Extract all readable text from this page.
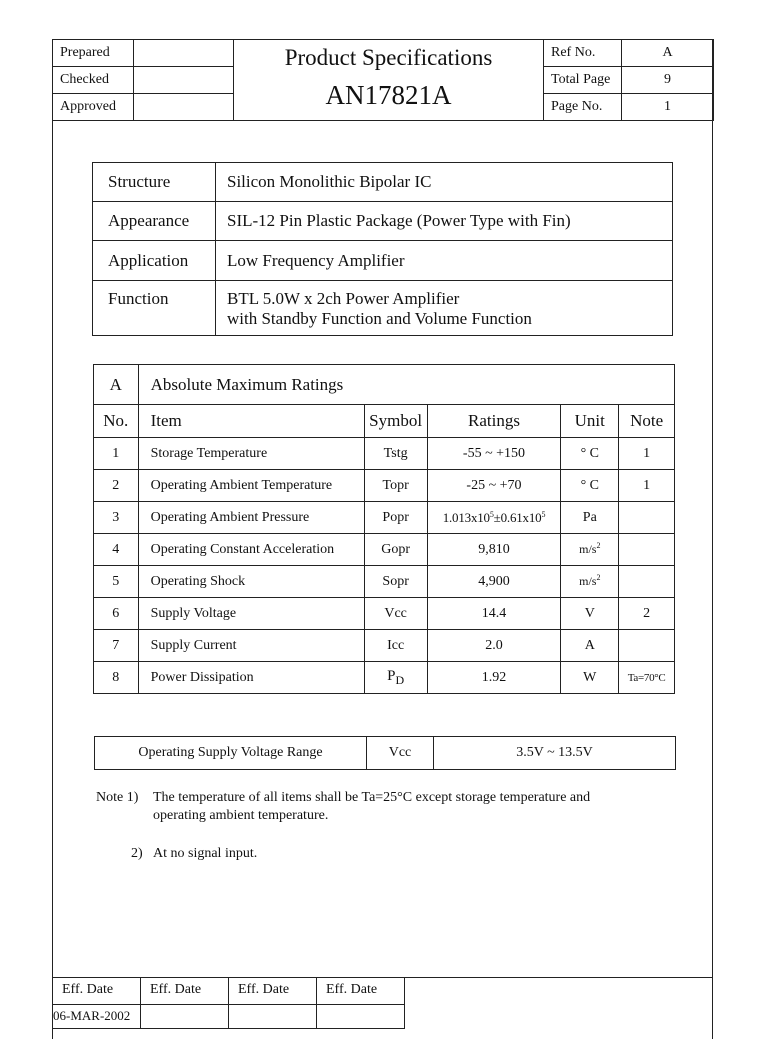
Prepared		Product Specifications
AN17821A	Ref No.	A
Checked			Total Page	9
Approved			Page No.	1
Structure	Silicon Monolithic Bipolar IC
Appearance	SIL-12 Pin Plastic Package (Power Type with Fin)
Application	Low Frequency Amplifier
Function	BTL 5.0W x 2ch Power Amplifier
with Standby Function and Volume Function
A	Absolute Maximum Ratings				
No.	Item	Symbol	Ratings	Unit	Note
1	Storage Temperature	Tstg	-55 ~ +150	° C	1
2	Operating Ambient Temperature	Topr	-25 ~ +70	° C	1
3	Operating Ambient Pressure	Popr	$1.013x10^5\pm 0.61x10^5$	Pa	
4	Operating Constant Acceleration	Gopr	9,810	$m/s^2$	
5	Operating Shock	Sopr	4,900	$m/s^2$	
6	Supply Voltage	Vcc	14.4	V	2
7	Supply Current	Icc	2.0	A	
8	Power Dissipation	$P_D$	1.92	W	Ta=70°C
Operating Supply Voltage Range	Vcc	3.5V ~ 13.5V
Note 1) The temperature of all items shall be Ta=25°C except storage temperature and
operating ambient temperature.
2) At no signal input.
Eff. Date	Eff. Date	Eff. Date	Eff. Date
06-MAR-2002			
